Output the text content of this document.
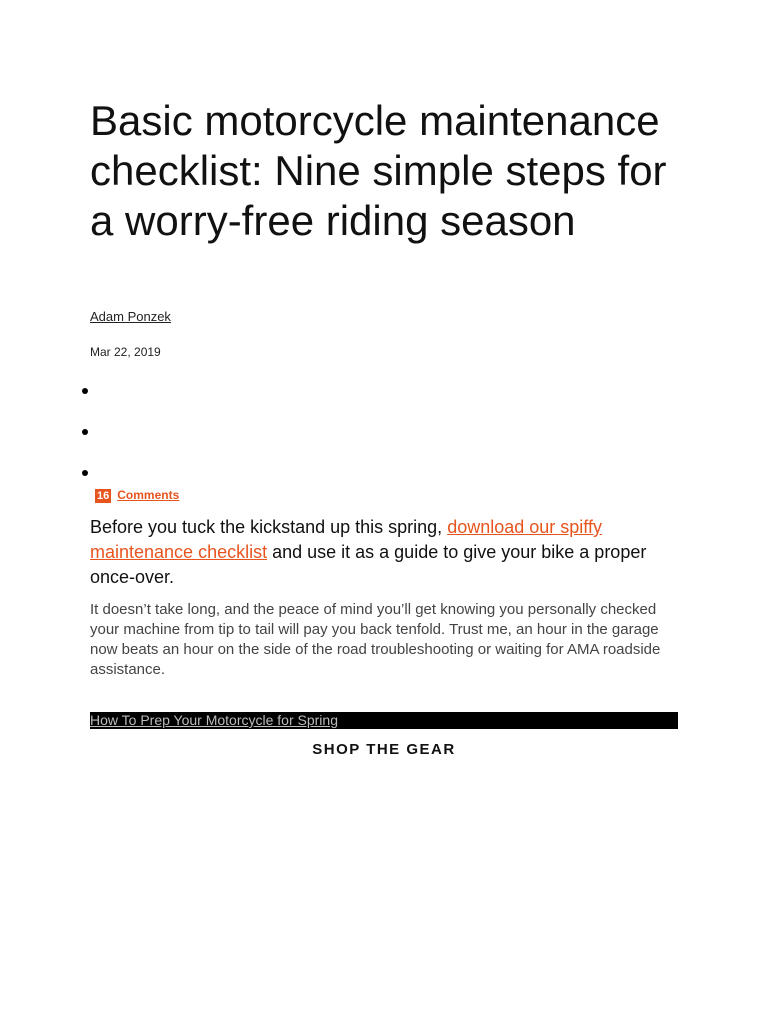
Basic motorcycle maintenance checklist: Nine simple steps for a worry-free riding season
Adam Ponzek
Mar 22, 2019
16 Comments

Before you tuck the kickstand up this spring, download our spiffy maintenance checklist and use it as a guide to give your bike a proper once-over.

It doesn’t take long, and the peace of mind you’ll get knowing you personally checked your machine from tip to tail will pay you back tenfold. Trust me, an hour in the garage now beats an hour on the side of the road troubleshooting or waiting for AMA roadside assistance.

How To Prep Your Motorcycle for Spring
SHOP THE GEAR
